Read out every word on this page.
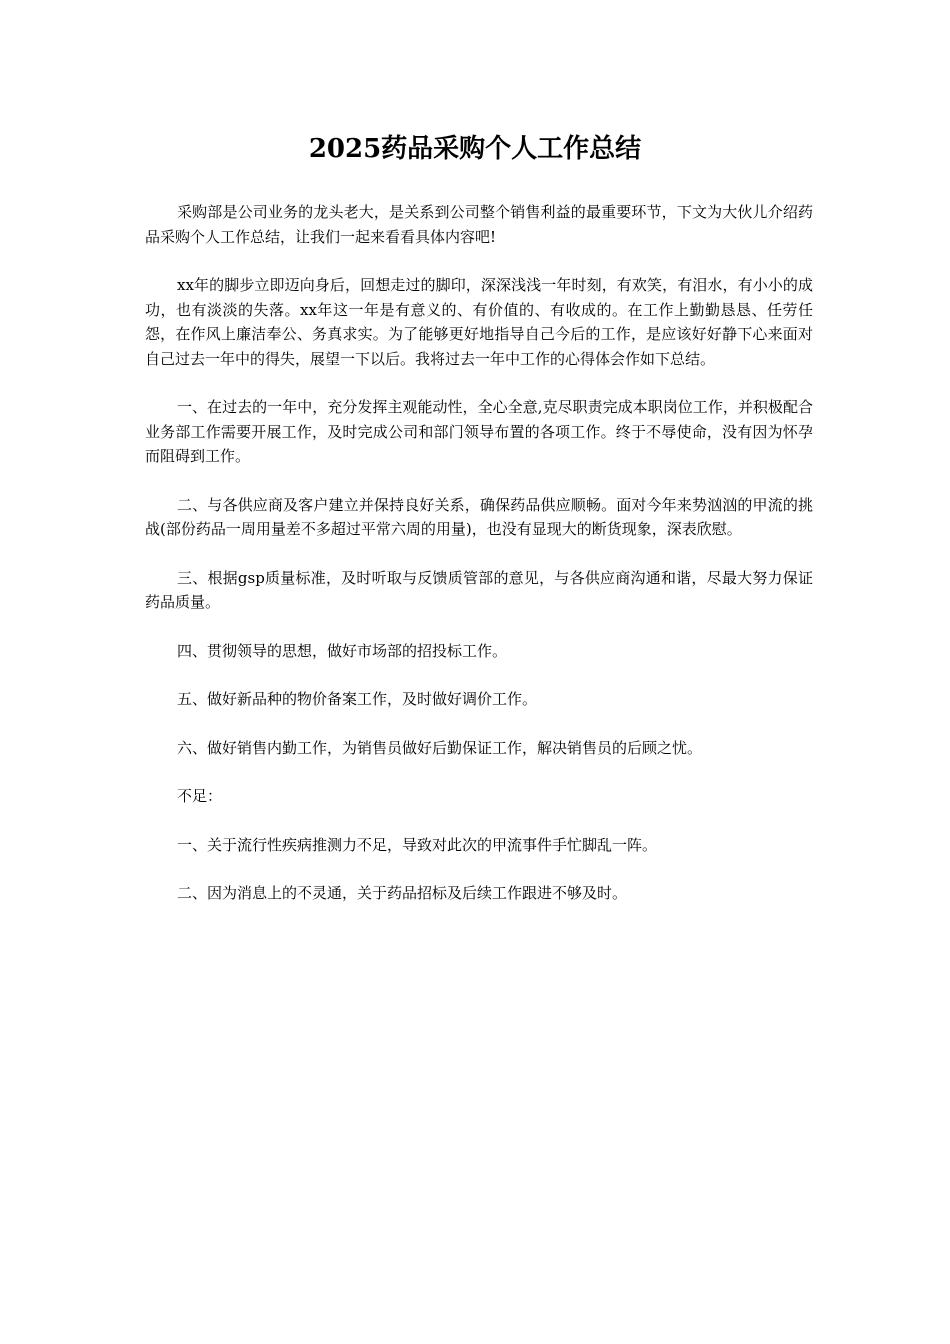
2025药品采购个人工作总结

采购部是公司业务的龙头老大，是关系到公司整个销售利益的最重要环节，下文为大伙儿介绍药品采购个人工作总结，让我们一起来看看具体内容吧!

xx年的脚步立即迈向身后，回想走过的脚印，深深浅浅一年时刻，有欢笑，有泪水，有小小的成功，也有淡淡的失落。xx年这一年是有意义的、有价值的、有收成的。在工作上勤勤恳恳、任劳任怨，在作风上廉洁奉公、务真求实。为了能够更好地指导自己今后的工作，是应该好好静下心来面对自己过去一年中的得失，展望一下以后。我将过去一年中工作的心得体会作如下总结。

一、在过去的一年中，充分发挥主观能动性，全心全意,克尽职责完成本职岗位工作，并积极配合业务部工作需要开展工作，及时完成公司和部门领导布置的各项工作。终于不辱使命，没有因为怀孕而阻碍到工作。

二、与各供应商及客户建立并保持良好关系，确保药品供应顺畅。面对今年来势汹汹的甲流的挑战(部份药品一周用量差不多超过平常六周的用量)，也没有显现大的断货现象，深表欣慰。

三、根据gsp质量标准，及时听取与反馈质管部的意见，与各供应商沟通和谐，尽最大努力保证药品质量。

四、贯彻领导的思想，做好市场部的招投标工作。

五、做好新品种的物价备案工作，及时做好调价工作。

六、做好销售内勤工作，为销售员做好后勤保证工作，解决销售员的后顾之忧。

不足：

一、关于流行性疾病推测力不足，导致对此次的甲流事件手忙脚乱一阵。

二、因为消息上的不灵通，关于药品招标及后续工作跟进不够及时。
